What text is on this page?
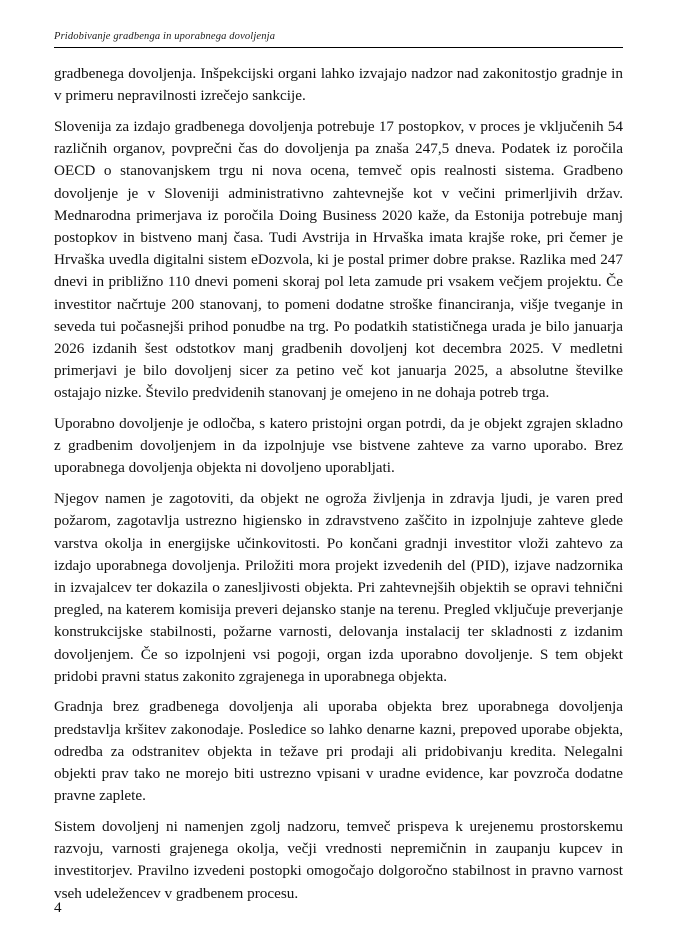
Pridobivanje gradbenga in uporabnega dovoljenja

gradbenega dovoljenja. Inšpekcijski organi lahko izvajajo nadzor nad zakonitostjo gradnje in v primeru nepravilnosti izrečejo sankcije.

Slovenija za izdajo gradbenega dovoljenja potrebuje 17 postopkov, v proces je vključenih 54 različnih organov, povprečni čas do dovoljenja pa znaša 247,5 dneva. Podatek iz poročila OECD o stanovanjskem trgu ni nova ocena, temveč opis realnosti sistema. Gradbeno dovoljenje je v Sloveniji administrativno zahtevnejše kot v večini primerljivih držav. Mednarodna primerjava iz poročila Doing Business 2020 kaže, da Estonija potrebuje manj postopkov in bistveno manj časa. Tudi Avstrija in Hrvaška imata krajše roke, pri čemer je Hrvaška uvedla digitalni sistem eDozvola, ki je postal primer dobre prakse. Razlika med 247 dnevi in približno 110 dnevi pomeni skoraj pol leta zamude pri vsakem večjem projektu. Če investitor načrtuje 200 stanovanj, to pomeni dodatne stroške financiranja, višje tveganje in seveda tui počasnejši prihod ponudbe na trg. Po podatkih statističnega urada je bilo januarja 2026 izdanih šest odstotkov manj gradbenih dovoljenj kot decembra 2025. V medletni primerjavi je bilo dovoljenj sicer za petino več kot januarja 2025, a absolutne številke ostajajo nizke. Število predvidenih stanovanj je omejeno in ne dohaja potreb trga.

Uporabno dovoljenje je odločba, s katero pristojni organ potrdi, da je objekt zgrajen skladno z gradbenim dovoljenjem in da izpolnjuje vse bistvene zahteve za varno uporabo. Brez uporabnega dovoljenja objekta ni dovoljeno uporabljati.

Njegov namen je zagotoviti, da objekt ne ogroža življenja in zdravja ljudi, je varen pred požarom, zagotavlja ustrezno higiensko in zdravstveno zaščito in izpolnjuje zahteve glede varstva okolja in energijske učinkovitosti. Po končani gradnji investitor vloži zahtevo za izdajo uporabnega dovoljenja. Priložiti mora projekt izvedenih del (PID), izjave nadzornika in izvajalcev ter dokazila o zanesljivosti objekta. Pri zahtevnejših objektih se opravi tehnični pregled, na katerem komisija preveri dejansko stanje na terenu. Pregled vključuje preverjanje konstrukcijske stabilnosti, požarne varnosti, delovanja instalacij ter skladnosti z izdanim dovoljenjem. Če so izpolnjeni vsi pogoji, organ izda uporabno dovoljenje. S tem objekt pridobi pravni status zakonito zgrajenega in uporabnega objekta.

Gradnja brez gradbenega dovoljenja ali uporaba objekta brez uporabnega dovoljenja predstavlja kršitev zakonodaje. Posledice so lahko denarne kazni, prepoved uporabe objekta, odredba za odstranitev objekta in težave pri prodaji ali pridobivanju kredita. Nelegalni objekti prav tako ne morejo biti ustrezno vpisani v uradne evidence, kar povzroča dodatne pravne zaplete.

Sistem dovoljenj ni namenjen zgolj nadzoru, temveč prispeva k urejenemu prostorskemu razvoju, varnosti grajenega okolja, večji vrednosti nepremičnin in zaupanju kupcev in investitorjev. Pravilno izvedeni postopki omogočajo dolgoročno stabilnost in pravno varnost vseh udeležencev v gradbenem procesu.

4
